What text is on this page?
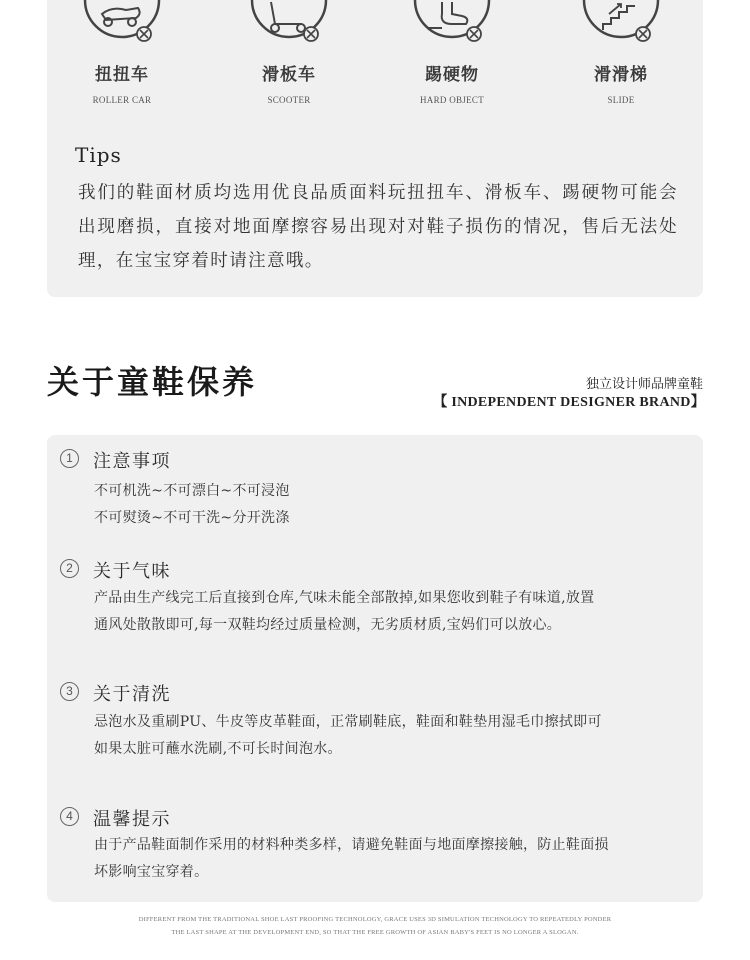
扭扭车
ROLLER CAR
滑板车
SCOOTER
踢硬物
HARD OBJECT
滑滑梯
SLIDE
Tips
我们的鞋面材质均选用优良品质面料玩扭扭车、滑板车、踢硬物可能会出现磨损，直接对地面摩擦容易出现对对鞋子损伤的情况，售后无法处理，在宝宝穿着时请注意哦。
关于童鞋保养	独立设计师品牌童鞋
【 INDEPENDENT DESIGNER BRAND】
1	注意事项
不可机洗~不可漂白~不可浸泡
不可熨烫~不可干洗~分开洗涤
2	关于气味
产品由生产线完工后直接到仓库,气味未能全部散掉,如果您收到鞋子有味道,放置
通风处散散即可,每一双鞋均经过质量检测，无劣质材质,宝妈们可以放心。
3	关于清洗
忌泡水及重刷PU、牛皮等皮革鞋面，正常刷鞋底，鞋面和鞋垫用湿毛巾擦拭即可
如果太脏可蘸水洗刷,不可长时间泡水。
4	温馨提示
由于产品鞋面制作采用的材料种类多样，请避免鞋面与地面摩擦接触，防止鞋面损
坏影响宝宝穿着。
DIFFERENT FROM THE TRADITIONAL SHOE LAST PROOFING TECHNOLOGY, GRACE USES 3D SIMULATION TECHNOLOGY TO REPEATEDLY PONDER
THE LAST SHAPE AT THE DEVELOPMENT END, SO THAT THE FREE GROWTH OF ASIAN BABY'S FEET IS NO LONGER A SLOGAN.
